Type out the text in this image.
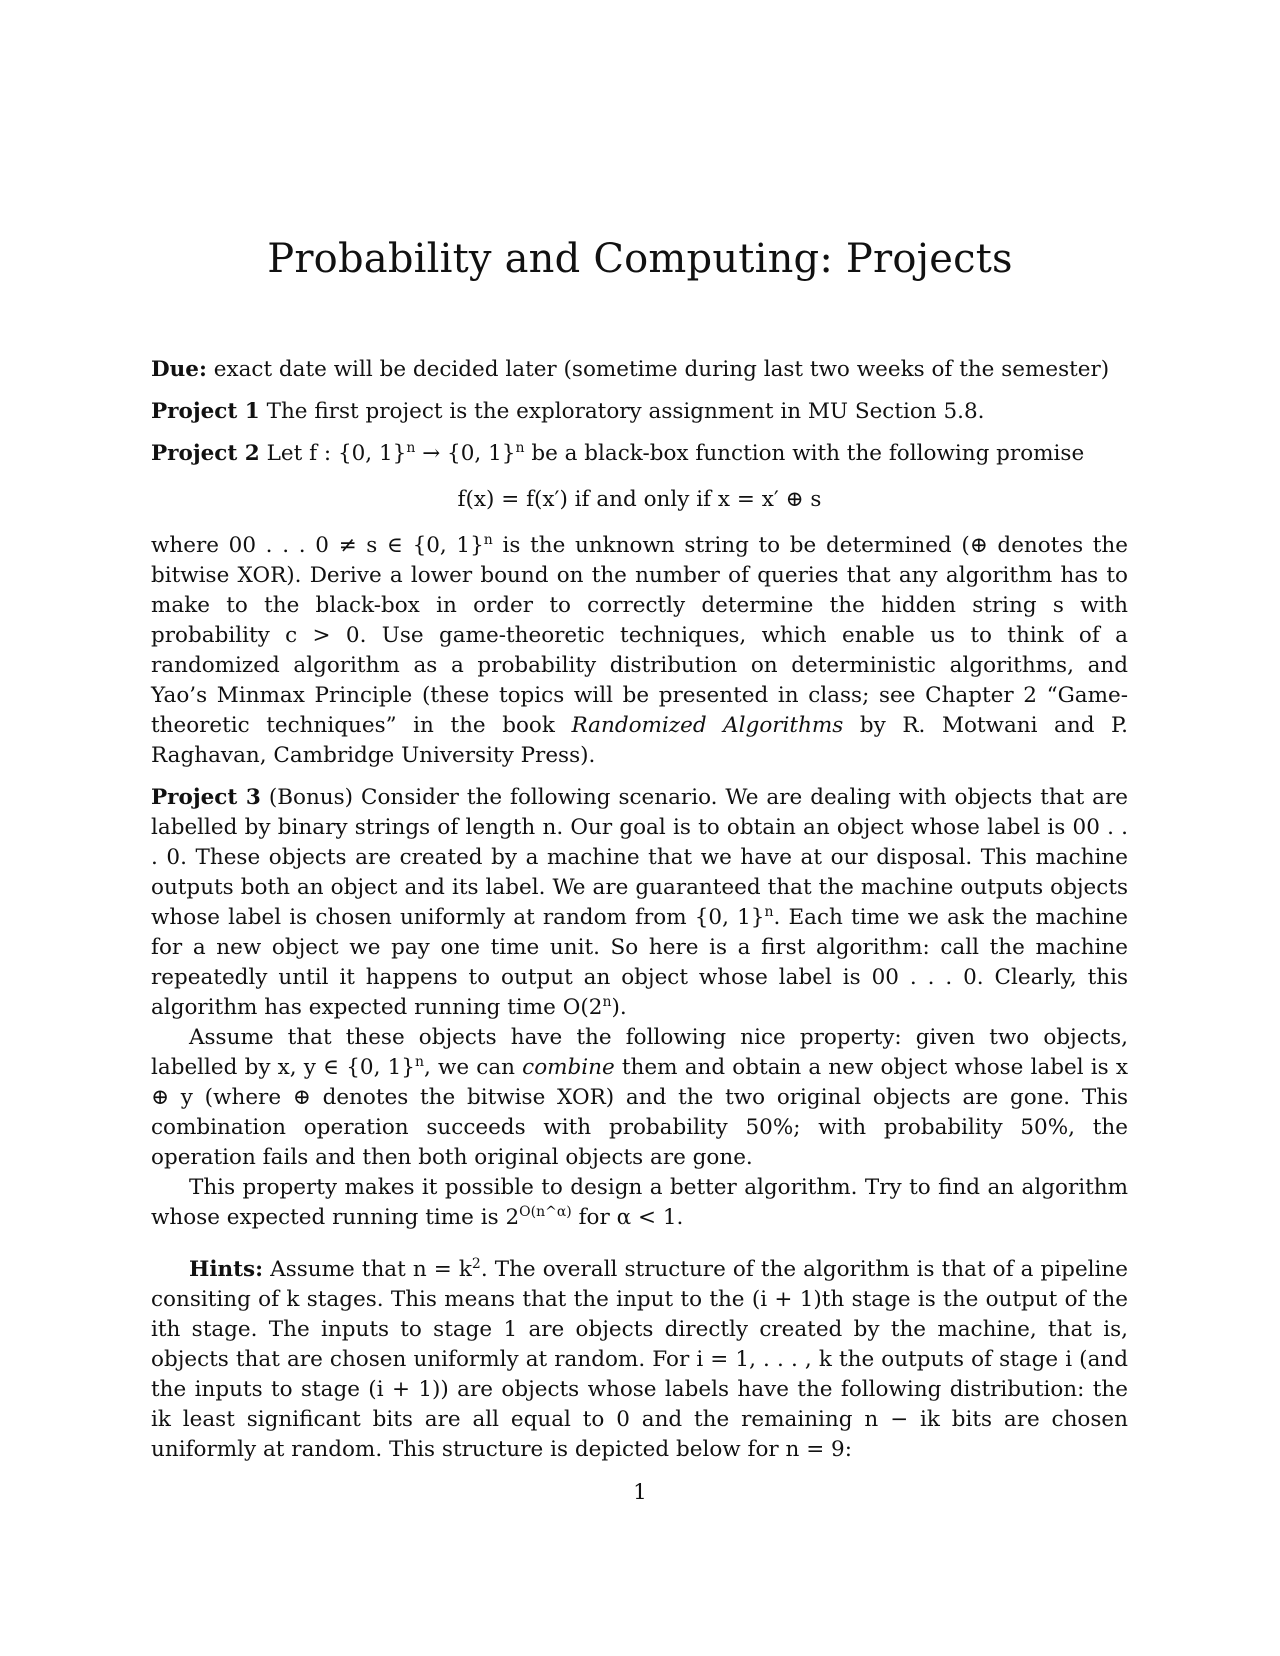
Probability and Computing: Projects

Due: exact date will be decided later (sometime during last two weeks of the semester)

Project 1 The first project is the exploratory assignment in MU Section 5.8.

Project 2 Let f : {0, 1}$^n$ → {0, 1}$^n$ be a black-box function with the following promise

f(x) = f(x′) if and only if x = x′ ⊕ s

where 00 . . . 0 ≠ s ∈ {0, 1}$^n$ is the unknown string to be determined (⊕ denotes the bitwise XOR). Derive a lower bound on the number of queries that any algorithm has to make to the black-box in order to correctly determine the hidden string s with probability c > 0. Use game-theoretic techniques, which enable us to think of a randomized algorithm as a probability distribution on deterministic algorithms, and Yao’s Minmax Principle (these topics will be presented in class; see Chapter 2 “Game-theoretic techniques” in the book Randomized Algorithms by R. Motwani and P. Raghavan, Cambridge University Press).

Project 3 (Bonus) Consider the following scenario. We are dealing with objects that are labelled by binary strings of length n. Our goal is to obtain an object whose label is 00 . . . 0. These objects are created by a machine that we have at our disposal. This machine outputs both an object and its label. We are guaranteed that the machine outputs objects whose label is chosen uniformly at random from {0, 1}$^n$. Each time we ask the machine for a new object we pay one time unit. So here is a first algorithm: call the machine repeatedly until it happens to output an object whose label is 00 . . . 0. Clearly, this algorithm has expected running time O(2$^n$).

Assume that these objects have the following nice property: given two objects, labelled by x, y ∈ {0, 1}$^n$, we can combine them and obtain a new object whose label is x ⊕ y (where ⊕ denotes the bitwise XOR) and the two original objects are gone. This combination operation succeeds with probability 50%; with probability 50%, the operation fails and then both original objects are gone.

This property makes it possible to design a better algorithm. Try to find an algorithm whose expected running time is $2^{O(n\^{}\alpha)}$ for α < 1.

Hints: Assume that $n = k^2$. The overall structure of the algorithm is that of a pipeline consiting of k stages. This means that the input to the (i + 1)th stage is the output of the ith stage. The inputs to stage 1 are objects directly created by the machine, that is, objects that are chosen uniformly at random. For i = 1, . . . , k the outputs of stage i (and the inputs to stage (i + 1)) are objects whose labels have the following distribution: the ik least significant bits are all equal to 0 and the remaining n − ik bits are chosen uniformly at random. This structure is depicted below for n = 9:

1
